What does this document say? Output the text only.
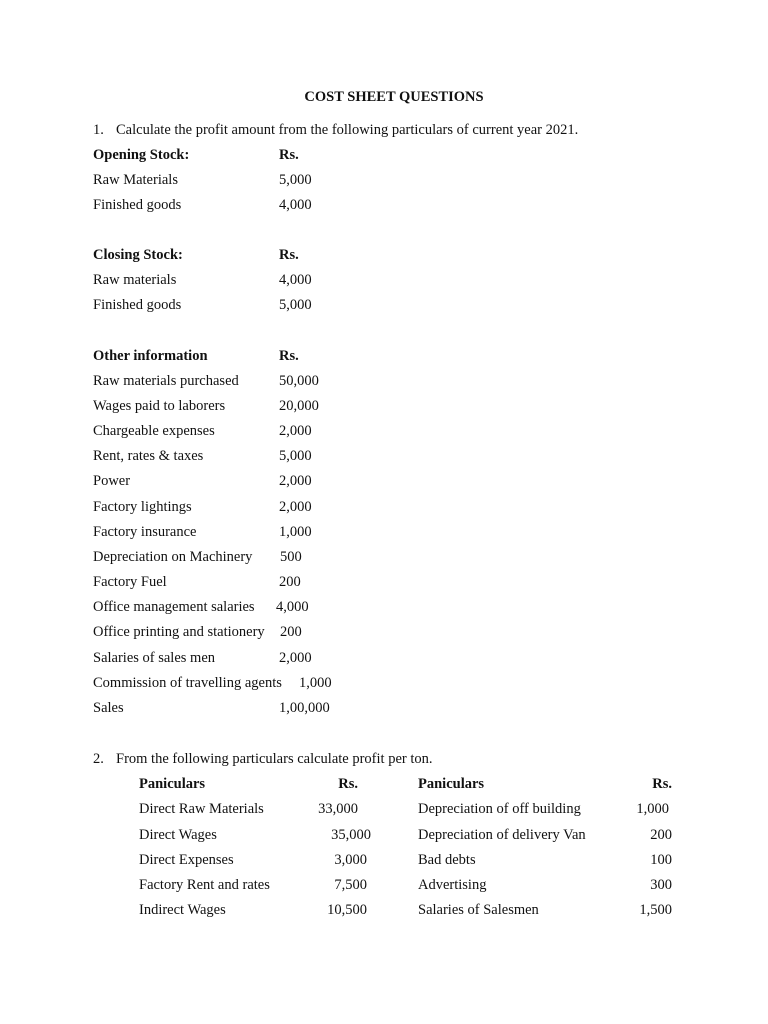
COST SHEET QUESTIONS
1. Calculate the profit amount from the following particulars of current year 2021.
Opening Stock:	Rs.
Raw Materials	5,000
Finished goods	4,000
Closing Stock:	Rs.
Raw materials	4,000
Finished goods	5,000
Other information	Rs.
Raw materials purchased	50,000
Wages paid to laborers	20,000
Chargeable expenses	2,000
Rent, rates & taxes	5,000
Power	2,000
Factory lightings	2,000
Factory insurance	1,000
Depreciation on Machinery 500
Factory Fuel	200
Office management salaries 4,000
Office printing and stationery 200
Salaries of sales men	2,000
Commission of travelling agents 1,000
Sales	1,00,000
2. From the following particulars calculate profit per ton.
Paniculars	Rs.	Paniculars	Rs.
Direct Raw Materials	33,000	Depreciation of off building	1,000
Direct Wages	35,000	Depreciation of delivery Van	200
Direct Expenses	3,000	Bad debts	100
Factory Rent and rates	7,500	Advertising	300
Indirect Wages	10,500	Salaries of Salesmen	1,500
